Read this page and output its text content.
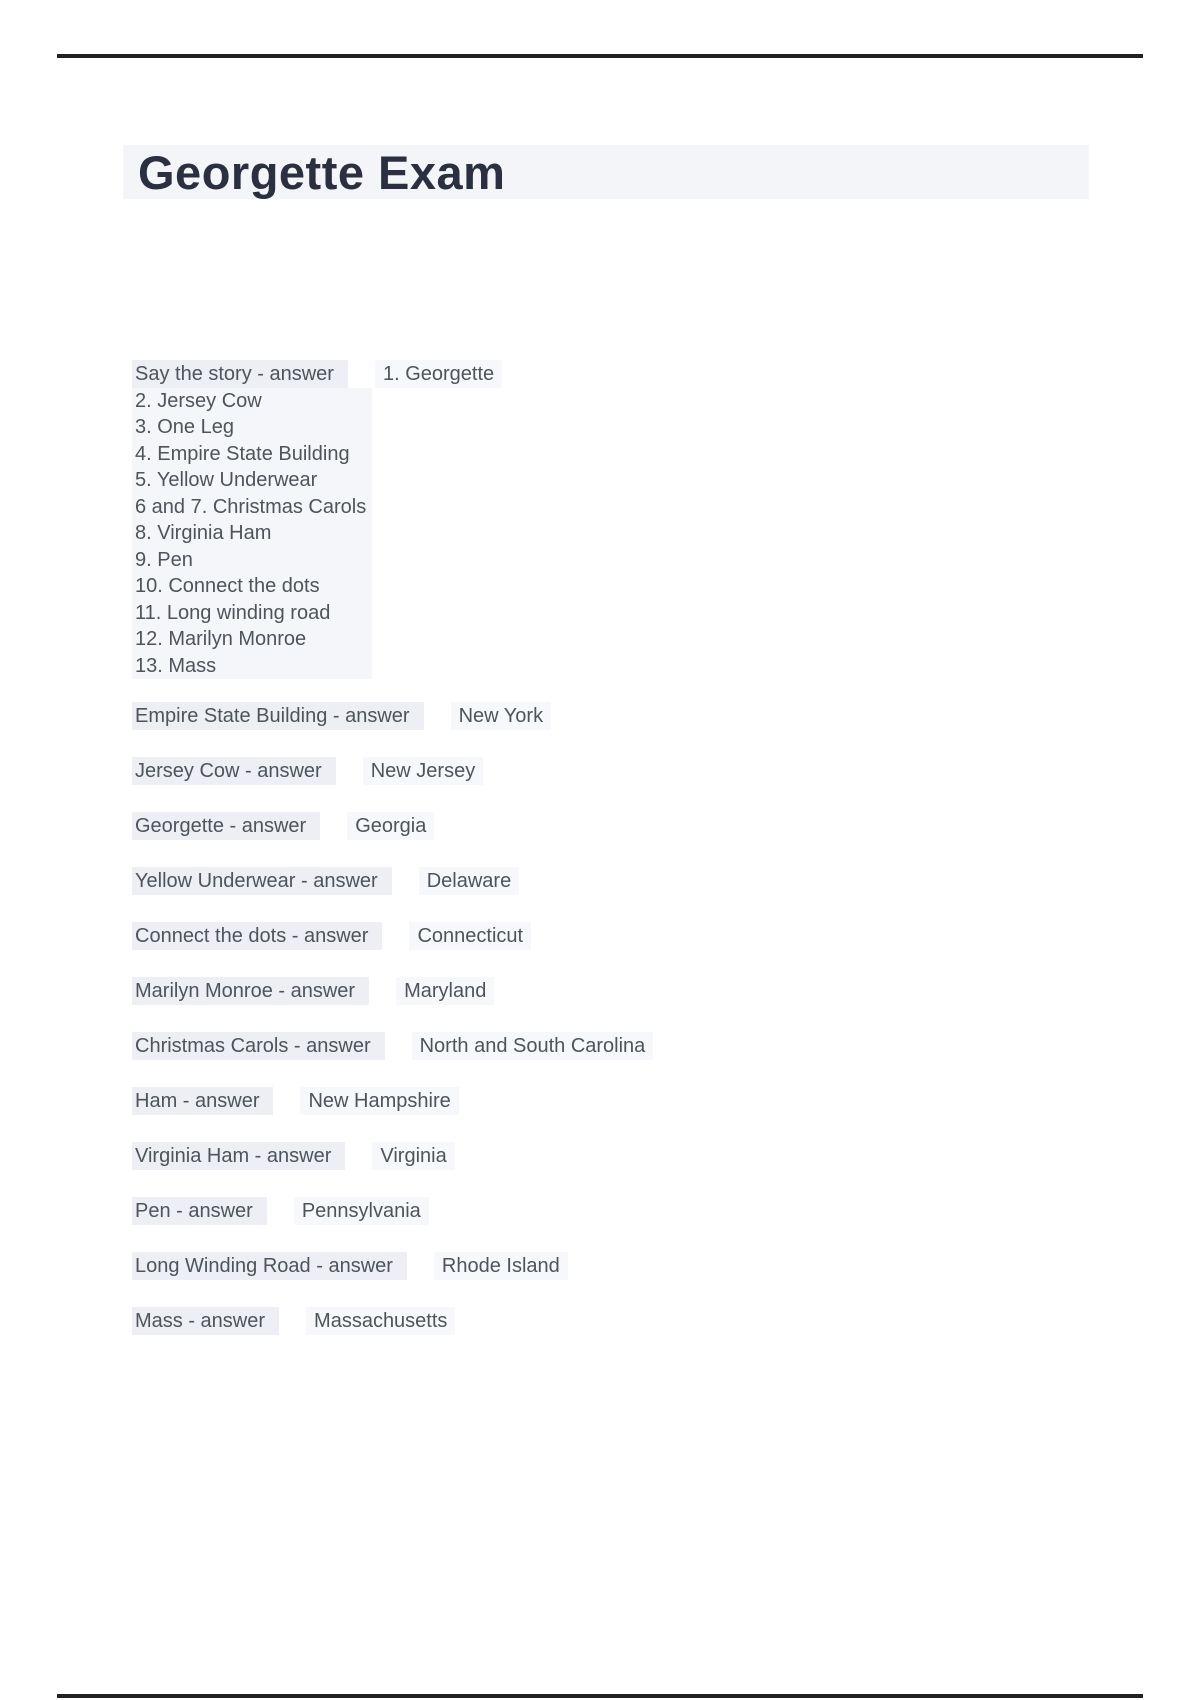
Georgette Exam

Say the story - answer 1. Georgette

2. Jersey Cow
3. One Leg
4. Empire State Building
5. Yellow Underwear
6 and 7. Christmas Carols
8. Virginia Ham
9. Pen
10. Connect the dots
11. Long winding road
12. Marilyn Monroe
13. Mass

Empire State Building - answer New York

Jersey Cow - answer New Jersey

Georgette - answer Georgia

Yellow Underwear - answer Delaware

Connect the dots - answer Connecticut

Marilyn Monroe - answer Maryland

Christmas Carols - answer North and South Carolina

Ham - answer New Hampshire

Virginia Ham - answer Virginia

Pen - answer Pennsylvania

Long Winding Road - answer Rhode Island

Mass - answer Massachusetts
